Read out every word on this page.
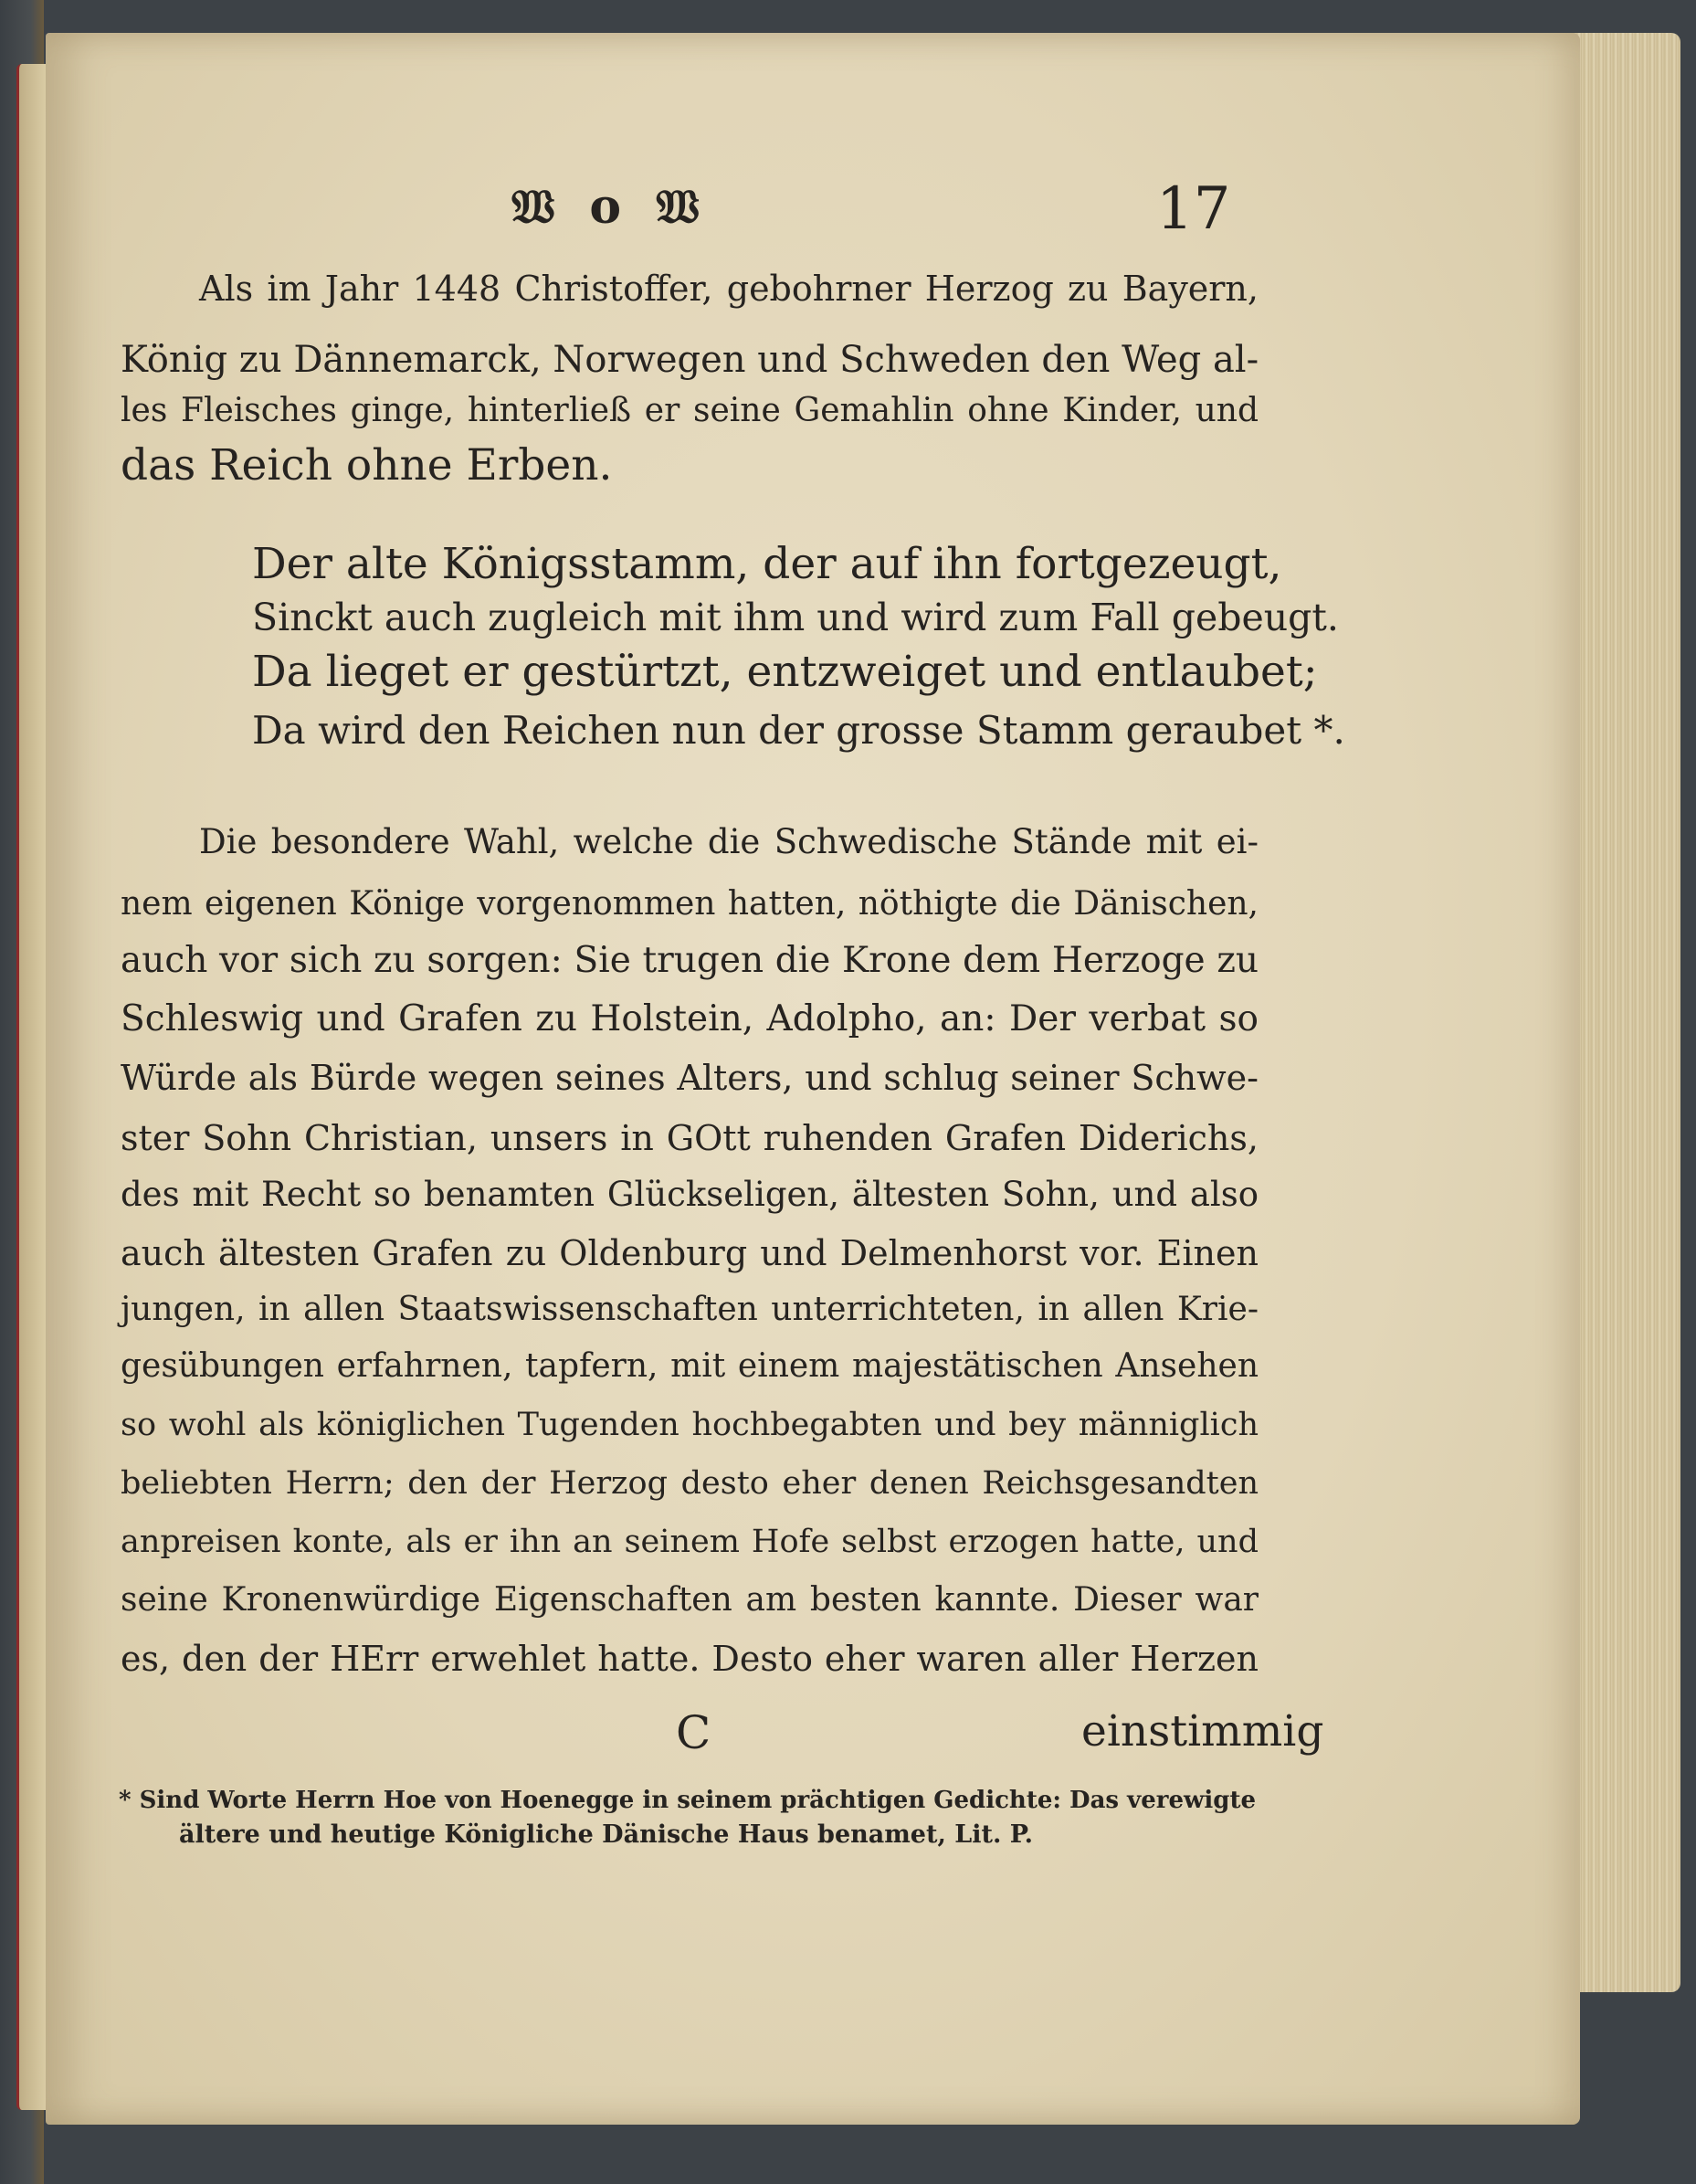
𝔚 o 𝔚	17
Als im Jahr 1448 Christoffer, gebohrner Herzog zu Bayern,
König zu Dännemarck, Norwegen und Schweden den Weg al-
les Fleisches ginge, hinterließ er seine Gemahlin ohne Kinder, und
das Reich ohne Erben.
Der alte Königsstamm, der auf ihn fortgezeugt,
Sinckt auch zugleich mit ihm und wird zum Fall gebeugt.
Da lieget er gestürtzt, entzweiget und entlaubet;
Da wird den Reichen nun der grosse Stamm geraubet *.
Die besondere Wahl, welche die Schwedische Stände mit ei-
nem eigenen Könige vorgenommen hatten, nöthigte die Dänischen,
auch vor sich zu sorgen: Sie trugen die Krone dem Herzoge zu
Schleswig und Grafen zu Holstein, Adolpho, an: Der verbat so
Würde als Bürde wegen seines Alters, und schlug seiner Schwe-
ster Sohn Christian, unsers in GOtt ruhenden Grafen Diderichs,
des mit Recht so benamten Glückseligen, ältesten Sohn, und also
auch ältesten Grafen zu Oldenburg und Delmenhorst vor. Einen
jungen, in allen Staatswissenschaften unterrichteten, in allen Krie-
gesübungen erfahrnen, tapfern, mit einem majestätischen Ansehen
so wohl als königlichen Tugenden hochbegabten und bey männiglich
beliebten Herrn; den der Herzog desto eher denen Reichsgesandten
anpreisen konte, als er ihn an seinem Hofe selbst erzogen hatte, und
seine Kronenwürdige Eigenschaften am besten kannte. Dieser war
es, den der HErr erwehlet hatte. Desto eher waren aller Herzen
C	einstimmig
* Sind Worte Herrn Hoe von Hoenegge in seinem prächtigen Gedichte: Das verewigte
ältere und heutige Königliche Dänische Haus benamet, Lit. P.
